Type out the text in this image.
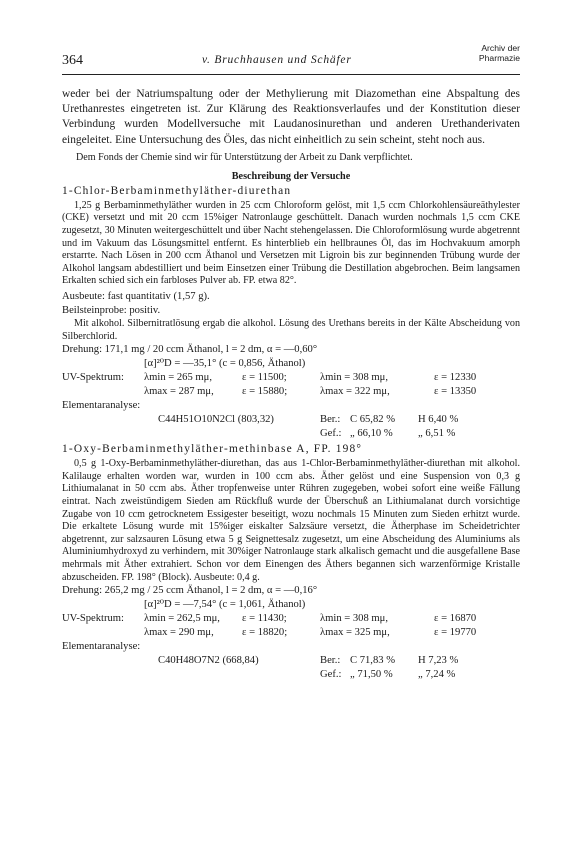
364	v. Bruchhausen und Schäfer
Archiv der
Pharmazie

weder bei der Natriumspaltung oder der Methylierung mit Diazomethan eine Abspaltung des Urethanrestes eingetreten ist. Zur Klärung des Reaktionsverlaufes und der Konstitution dieser Verbindung wurden Modellversuche mit Laudanosinurethan und anderen Urethanderivaten eingeleitet. Eine Untersuchung des Öles, das nicht einheitlich zu sein scheint, steht noch aus.

Dem Fonds der Chemie sind wir für Unterstützung der Arbeit zu Dank verpflichtet.

Beschreibung der Versuche
1-Chlor-Berbaminmethyläther-diurethan

1,25 g Berbaminmethyläther wurden in 25 ccm Chloroform gelöst, mit 1,5 ccm Chlorkohlensäureäthylester (CKE) versetzt und mit 20 ccm 15%iger Natronlauge geschüttelt. Danach wurden nochmals 1,5 ccm CKE zugesetzt, 30 Minuten weitergeschüttelt und über Nacht stehengelassen. Die Chloroformlösung wurde abgetrennt und im Vakuum das Lösungsmittel entfernt. Es hinterblieb ein hellbraunes Öl, das im Hochvakuum amorph erstarrte. Nach Lösen in 200 ccm Äthanol und Versetzen mit Ligroin bis zur beginnenden Trübung wurde der Alkohol langsam abdestilliert und beim Einsetzen einer Trübung die Destillation abgebrochen. Beim langsamen Erkalten schied sich ein farbloses Pulver ab. FP. etwa 82°.

Ausbeute: fast quantitativ (1,57 g).
Beilsteinprobe: positiv.

Mit alkohol. Silbernitratlösung ergab die alkohol. Lösung des Urethans bereits in der Kälte Abscheidung von Silberchlorid.

Drehung: 171,1 mg / 20 ccm Äthanol, l = 2 dm, α = —0,60°
[α]²⁰D = —35,1° (c = 0,856, Äthanol)
UV-Spektrum: λmin = 265 mμ,	ε = 11500;	λmin = 308 mμ,	ε = 12330
λmax = 287 mμ,	ε = 15880;	λmax = 322 mμ,	ε = 13350
Elementaranalyse:
C44H51O10N2Cl (803,32)	Ber.: C 65,82 % H 6,40 %
Gef.: „ 66,10 % „ 6,51 %
1-Oxy-Berbaminmethyläther-methinbase A, FP. 198°

0,5 g 1-Oxy-Berbaminmethyläther-diurethan, das aus 1-Chlor-Berbaminmethyläther-diurethan mit alkohol. Kalilauge erhalten worden war, wurden in 100 ccm abs. Äther gelöst und eine Suspension von 0,3 g Lithiumalanat in 50 ccm abs. Äther tropfenweise unter Rühren zugegeben, wobei sofort eine weiße Fällung eintrat. Nach zweistündigem Sieden am Rückfluß wurde der Überschuß an Lithiumalanat durch vorsichtige Zugabe von 10 ccm getrocknetem Essigester beseitigt, wozu nochmals 15 Minuten zum Sieden erhitzt wurde. Die erkaltete Lösung wurde mit 15%iger eiskalter Salzsäure versetzt, die Ätherphase im Scheidetrichter abgetrennt, zur salzsauren Lösung etwa 5 g Seignettesalz zugesetzt, um eine Abscheidung des Aluminiums als Aluminiumhydroxyd zu verhindern, mit 30%iger Natronlauge stark alkalisch gemacht und die ausgefallene Base mehrmals mit Äther extrahiert. Schon vor dem Einengen des Äthers begannen sich warzenförmige Kristalle abzuscheiden. FP. 198° (Block). Ausbeute: 0,4 g.

Drehung: 265,2 mg / 25 ccm Äthanol, l = 2 dm, α = —0,16°
[α]²⁰D = —7,54° (c = 1,061, Äthanol)
UV-Spektrum: λmin = 262,5 mμ, ε = 11430;	λmin = 308 mμ,	ε = 16870
λmax = 290 mμ,	ε = 18820;	λmax = 325 mμ,	ε = 19770
Elementaranalyse:
C40H48O7N2 (668,84)	Ber.: C 71,83 % H 7,23 %
Gef.: „ 71,50 % „ 7,24 %
